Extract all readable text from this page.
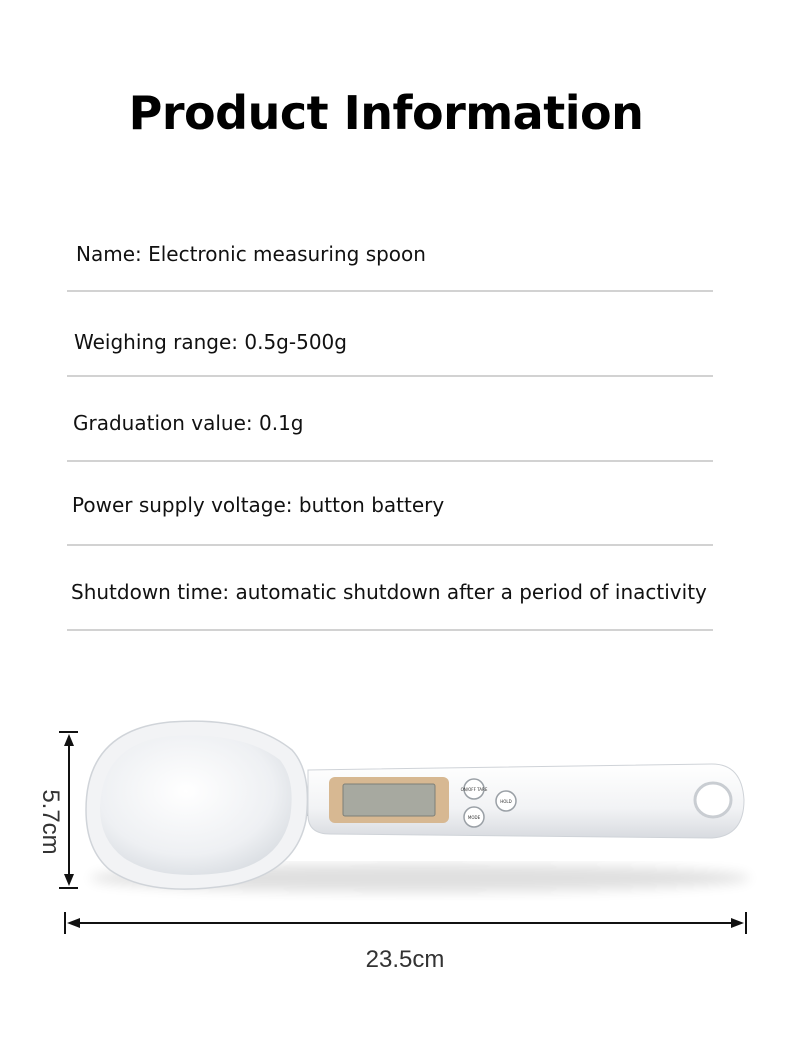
Product Information
Name: Electronic measuring spoon
Weighing range: 0.5g-500g
Graduation value: 0.1g
Power supply voltage: button battery
Shutdown time: automatic shutdown after a period of inactivity
ON/OFF TARE
MODE
HOLD
5.7cm
23.5cm
